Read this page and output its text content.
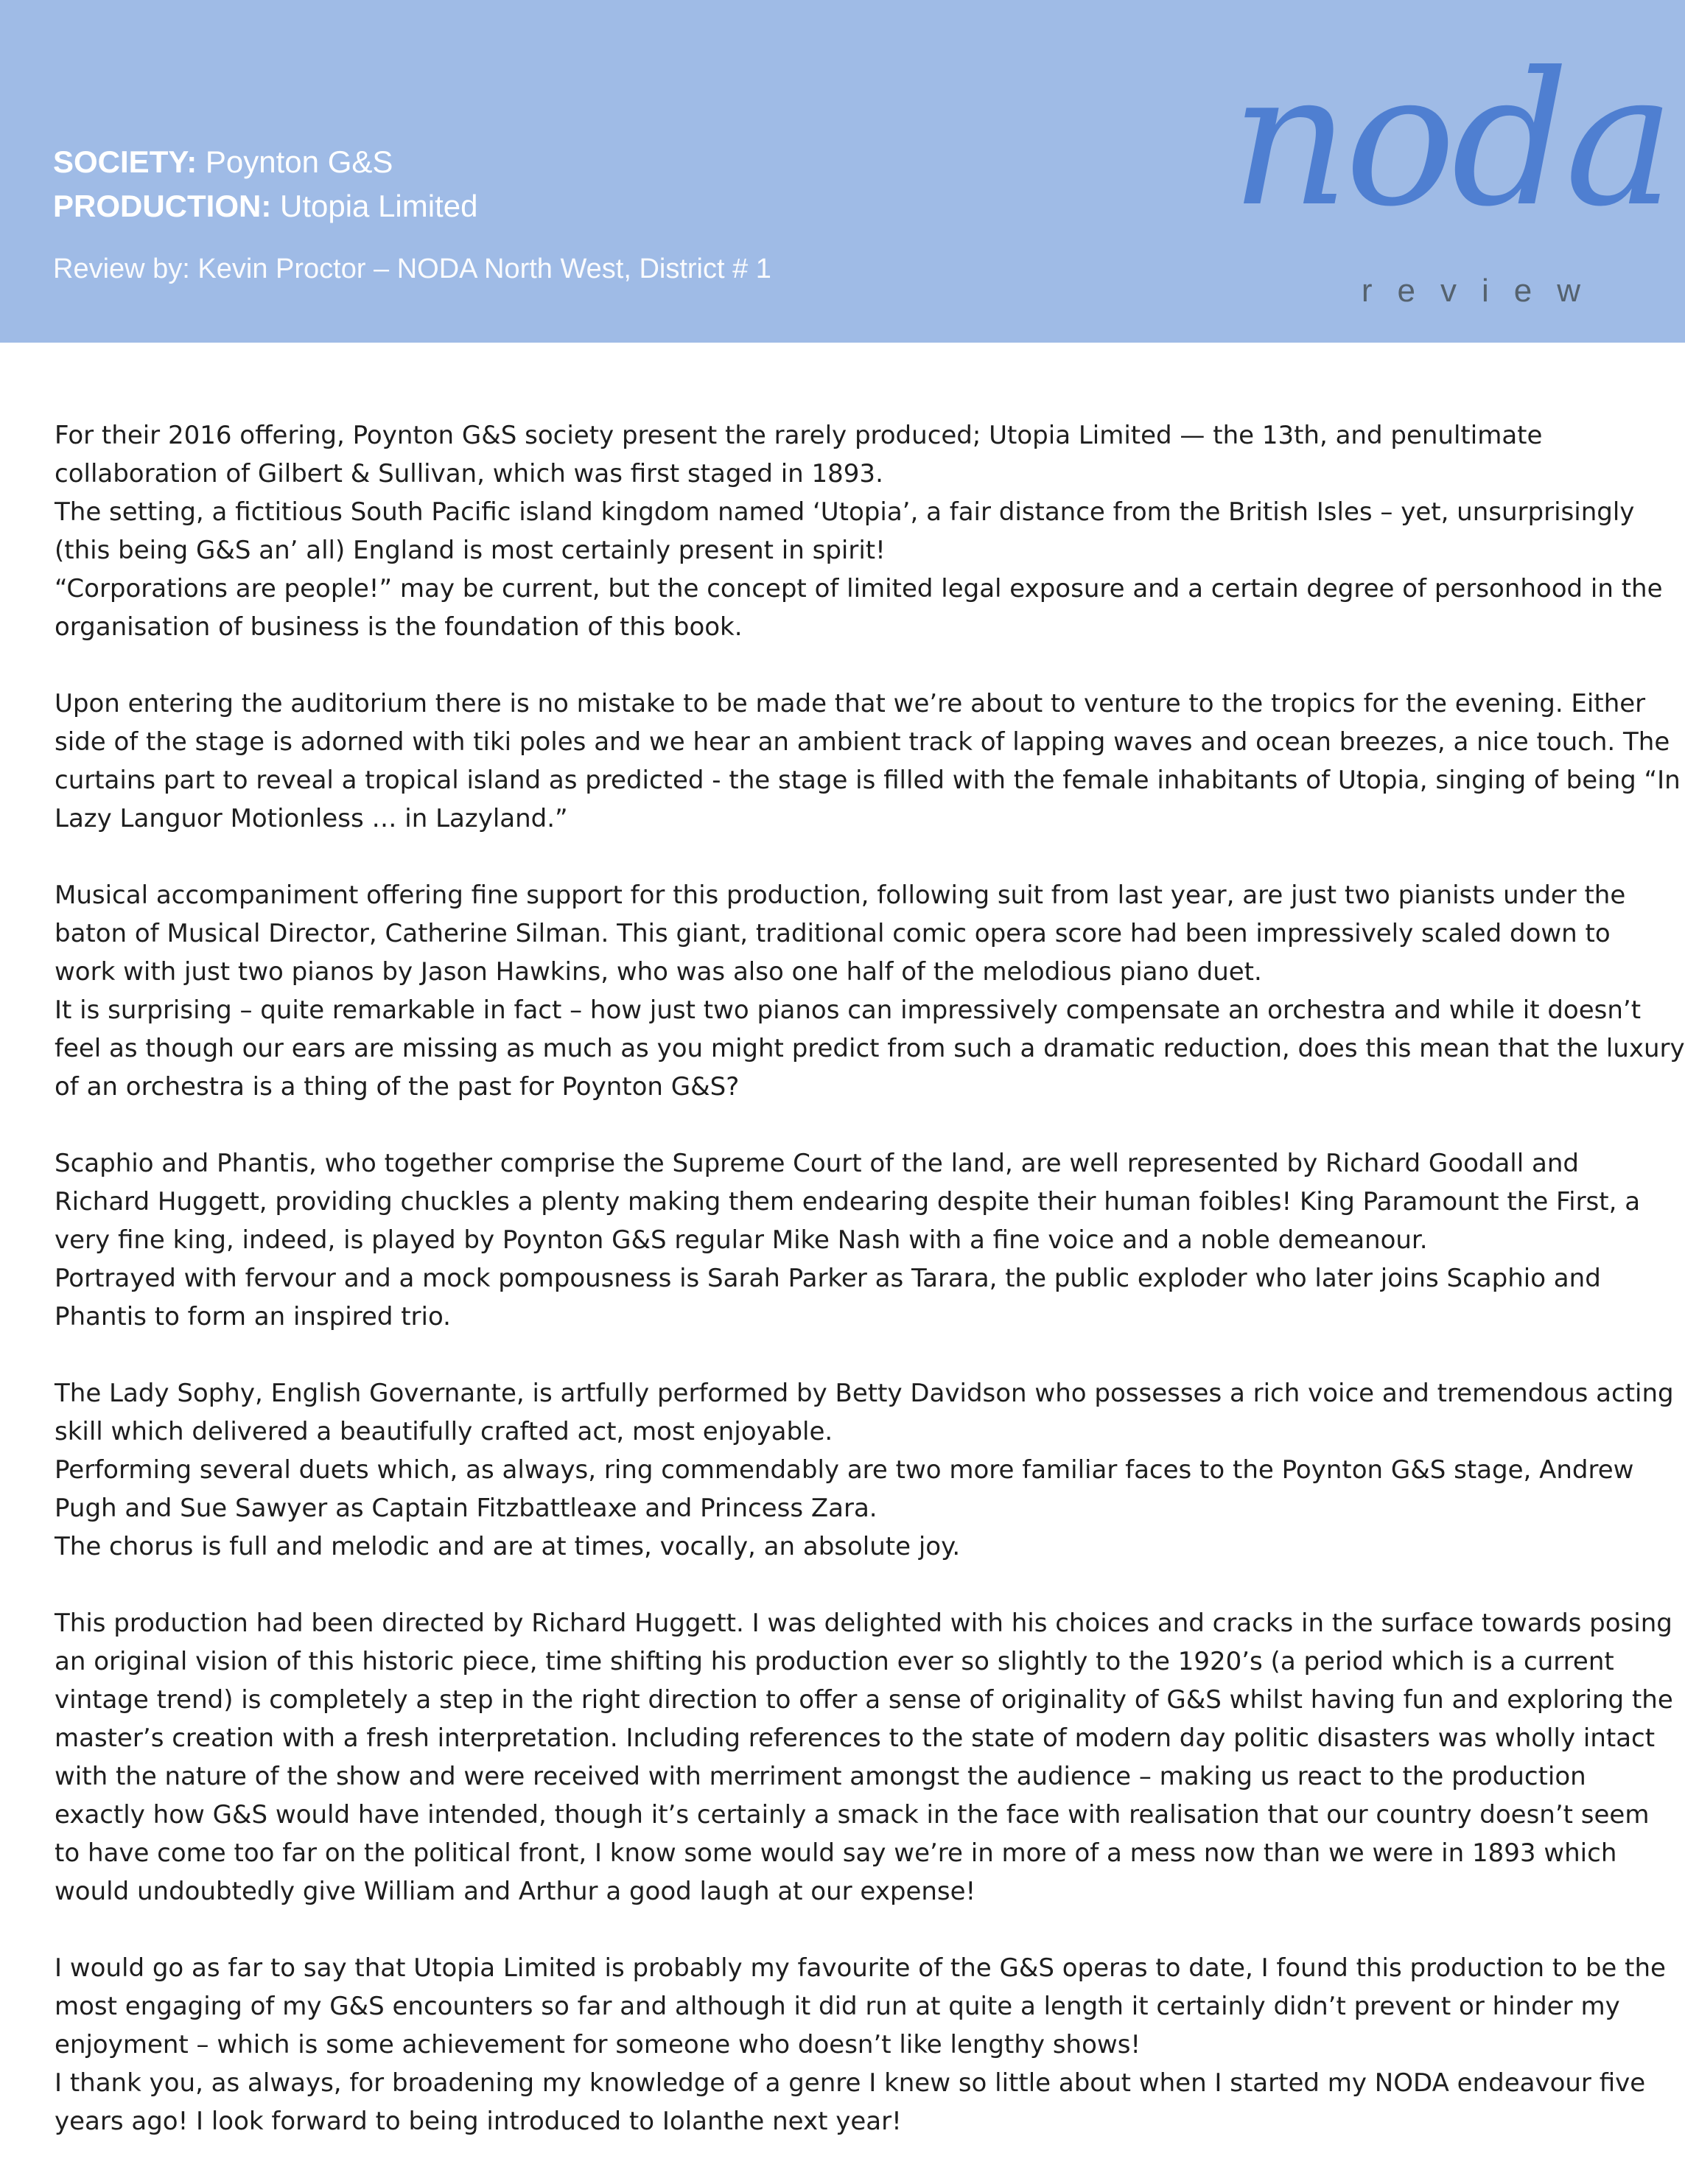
SOCIETY: Poynton G&S
PRODUCTION: Utopia Limited
Review by: Kevin Proctor – NODA North West, District # 1
noda
review
For their 2016 offering, Poynton G&S society present the rarely produced; Utopia Limited — the 13th, and penultimate
collaboration of Gilbert & Sullivan, which was first staged in 1893.
The setting, a fictitious South Pacific island kingdom named ‘Utopia’, a fair distance from the British Isles – yet, unsurprisingly
(this being G&S an’ all) England is most certainly present in spirit!
“Corporations are people!” may be current, but the concept of limited legal exposure and a certain degree of personhood in the
organisation of business is the foundation of this book.
Upon entering the auditorium there is no mistake to be made that we’re about to venture to the tropics for the evening. Either
side of the stage is adorned with tiki poles and we hear an ambient track of lapping waves and ocean breezes, a nice touch. The
curtains part to reveal a tropical island as predicted - the stage is filled with the female inhabitants of Utopia, singing of being “In
Lazy Languor Motionless … in Lazyland.”
Musical accompaniment offering fine support for this production, following suit from last year, are just two pianists under the
baton of Musical Director, Catherine Silman. This giant, traditional comic opera score had been impressively scaled down to
work with just two pianos by Jason Hawkins, who was also one half of the melodious piano duet.
It is surprising – quite remarkable in fact – how just two pianos can impressively compensate an orchestra and while it doesn’t
feel as though our ears are missing as much as you might predict from such a dramatic reduction, does this mean that the luxury
of an orchestra is a thing of the past for Poynton G&S?
Scaphio and Phantis, who together comprise the Supreme Court of the land, are well represented by Richard Goodall and
Richard Huggett, providing chuckles a plenty making them endearing despite their human foibles! King Paramount the First, a
very fine king, indeed, is played by Poynton G&S regular Mike Nash with a fine voice and a noble demeanour.
Portrayed with fervour and a mock pompousness is Sarah Parker as Tarara, the public exploder who later joins Scaphio and
Phantis to form an inspired trio.
The Lady Sophy, English Governante, is artfully performed by Betty Davidson who possesses a rich voice and tremendous acting
skill which delivered a beautifully crafted act, most enjoyable.
Performing several duets which, as always, ring commendably are two more familiar faces to the Poynton G&S stage, Andrew
Pugh and Sue Sawyer as Captain Fitzbattleaxe and Princess Zara.
The chorus is full and melodic and are at times, vocally, an absolute joy.
This production had been directed by Richard Huggett. I was delighted with his choices and cracks in the surface towards posing
an original vision of this historic piece, time shifting his production ever so slightly to the 1920’s (a period which is a current
vintage trend) is completely a step in the right direction to offer a sense of originality of G&S whilst having fun and exploring the
master’s creation with a fresh interpretation. Including references to the state of modern day politic disasters was wholly intact
with the nature of the show and were received with merriment amongst the audience – making us react to the production
exactly how G&S would have intended, though it’s certainly a smack in the face with realisation that our country doesn’t seem
to have come too far on the political front, I know some would say we’re in more of a mess now than we were in 1893 which
would undoubtedly give William and Arthur a good laugh at our expense!
I would go as far to say that Utopia Limited is probably my favourite of the G&S operas to date, I found this production to be the
most engaging of my G&S encounters so far and although it did run at quite a length it certainly didn’t prevent or hinder my
enjoyment – which is some achievement for someone who doesn’t like lengthy shows!
I thank you, as always, for broadening my knowledge of a genre I knew so little about when I started my NODA endeavour five
years ago! I look forward to being introduced to Iolanthe next year!
